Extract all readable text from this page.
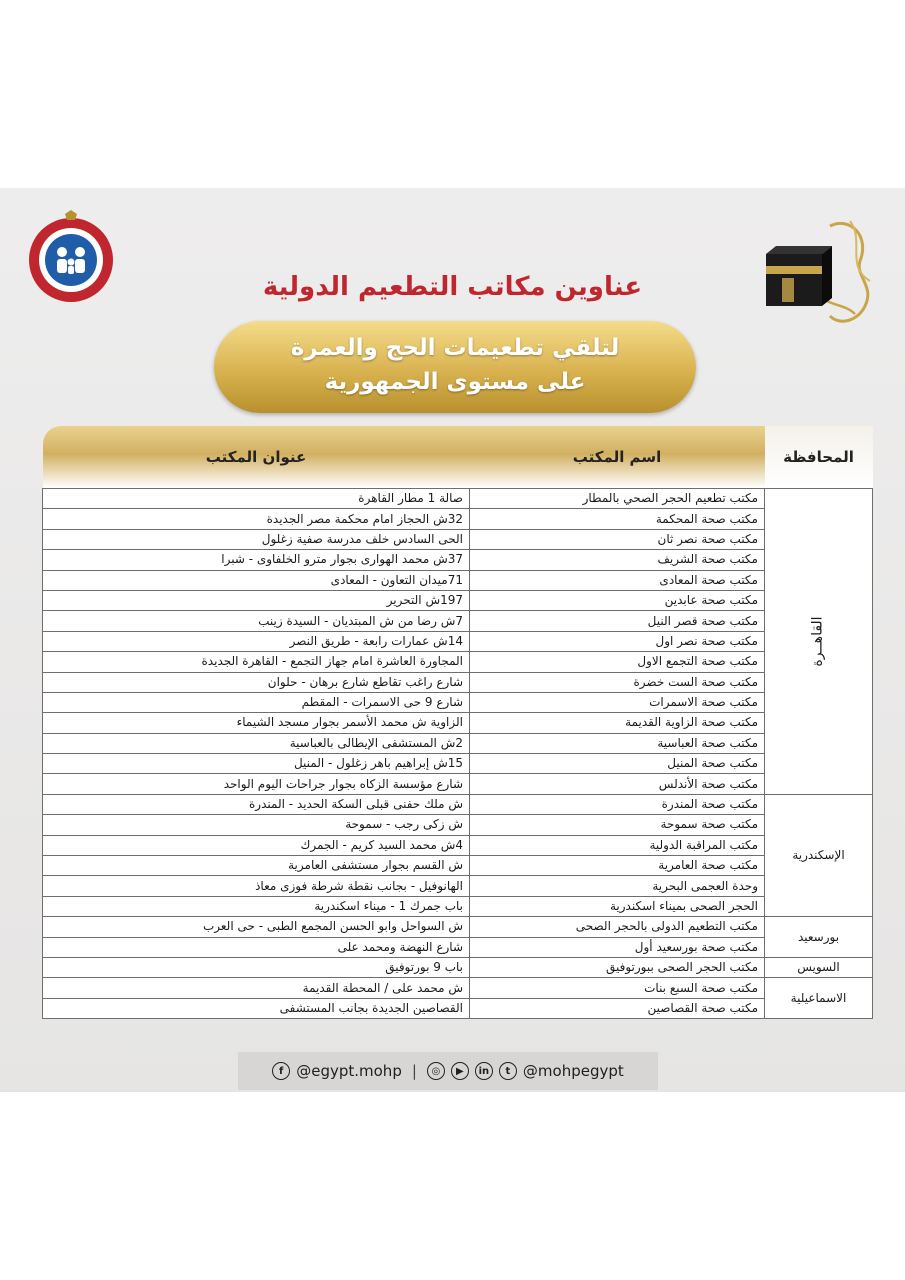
عناوين مكاتب التطعيم الدولية
لتلقي تطعيمات الحج والعمرة
على مستوى الجمهورية
المحافظة	اسم المكتب	عنوان المكتب
القاهــرة	مكتب تطعيم الحجر الصحي بالمطار	صالة 1 مطار القاهرة
	مكتب صحة المحكمة	32ش الحجاز امام محكمة مصر الجديدة
	مكتب صحة نصر ثان	الحى السادس خلف مدرسة صفية زغلول
	مكتب صحة الشريف	37ش محمد الهوارى بجوار مترو الخلفاوى - شبرا
	مكتب صحة المعادى	71ميدان التعاون - المعادى
	مكتب صحة عابدين	197ش التحرير
	مكتب صحة قصر النيل	7ش رضا من ش المبتديان - السيدة زينب
	مكتب صحة نصر اول	14ش عمارات رابعة - طريق النصر
	مكتب صحة التجمع الاول	المجاورة العاشرة امام جهاز التجمع - القاهرة الجديدة
	مكتب صحة الست خضرة	شارع راغب تقاطع شارع برهان - حلوان
	مكتب صحة الاسمرات	شارع 9 حى الاسمرات - المقطم
	مكتب صحة الزاوية القديمة	الزاوية ش محمد الأسمر بجوار مسجد الشيماء
	مكتب صحة العباسية	2ش المستشفى الإيطالى بالعباسية
	مكتب صحة المنيل	15ش إبراهيم باهر زغلول - المنيل
	مكتب صحة الأندلس	شارع مؤسسة الزكاه بجوار جراحات اليوم الواحد
الإسكندرية	مكتب صحة المندرة	ش ملك حفنى قبلى السكة الحديد - المندرة
	مكتب صحة سموحة	ش زكى رجب - سموحة
	مكتب المراقبة الدولية	4ش محمد السيد كريم - الجمرك
	مكتب صحة العامرية	ش القسم بجوار مستشفى العامرية
	وحدة العجمى البحرية	الهانوفيل - بجانب نقطة شرطة فوزى معاذ
	الحجر الصحى بميناء اسكندرية	باب جمرك 1 - ميناء اسكندرية
بورسعيد	مكتب التطعيم الدولى بالحجر الصحى	ش السواحل وابو الحسن المجمع الطبى - حى العرب
	مكتب صحة بورسعيد أول	شارع النهضة ومحمد على
السويس	مكتب الحجر الصحى ببورتوفيق	باب 9 بورتوفيق
الاسماعيلية	مكتب صحة السبع بنات	ش محمد على / المحطة القديمة
	مكتب صحة القصاصين	القصاصين الجديدة بجانب المستشفى
f @egypt.mohp |	◎	▶	in	t @mohpegypt
